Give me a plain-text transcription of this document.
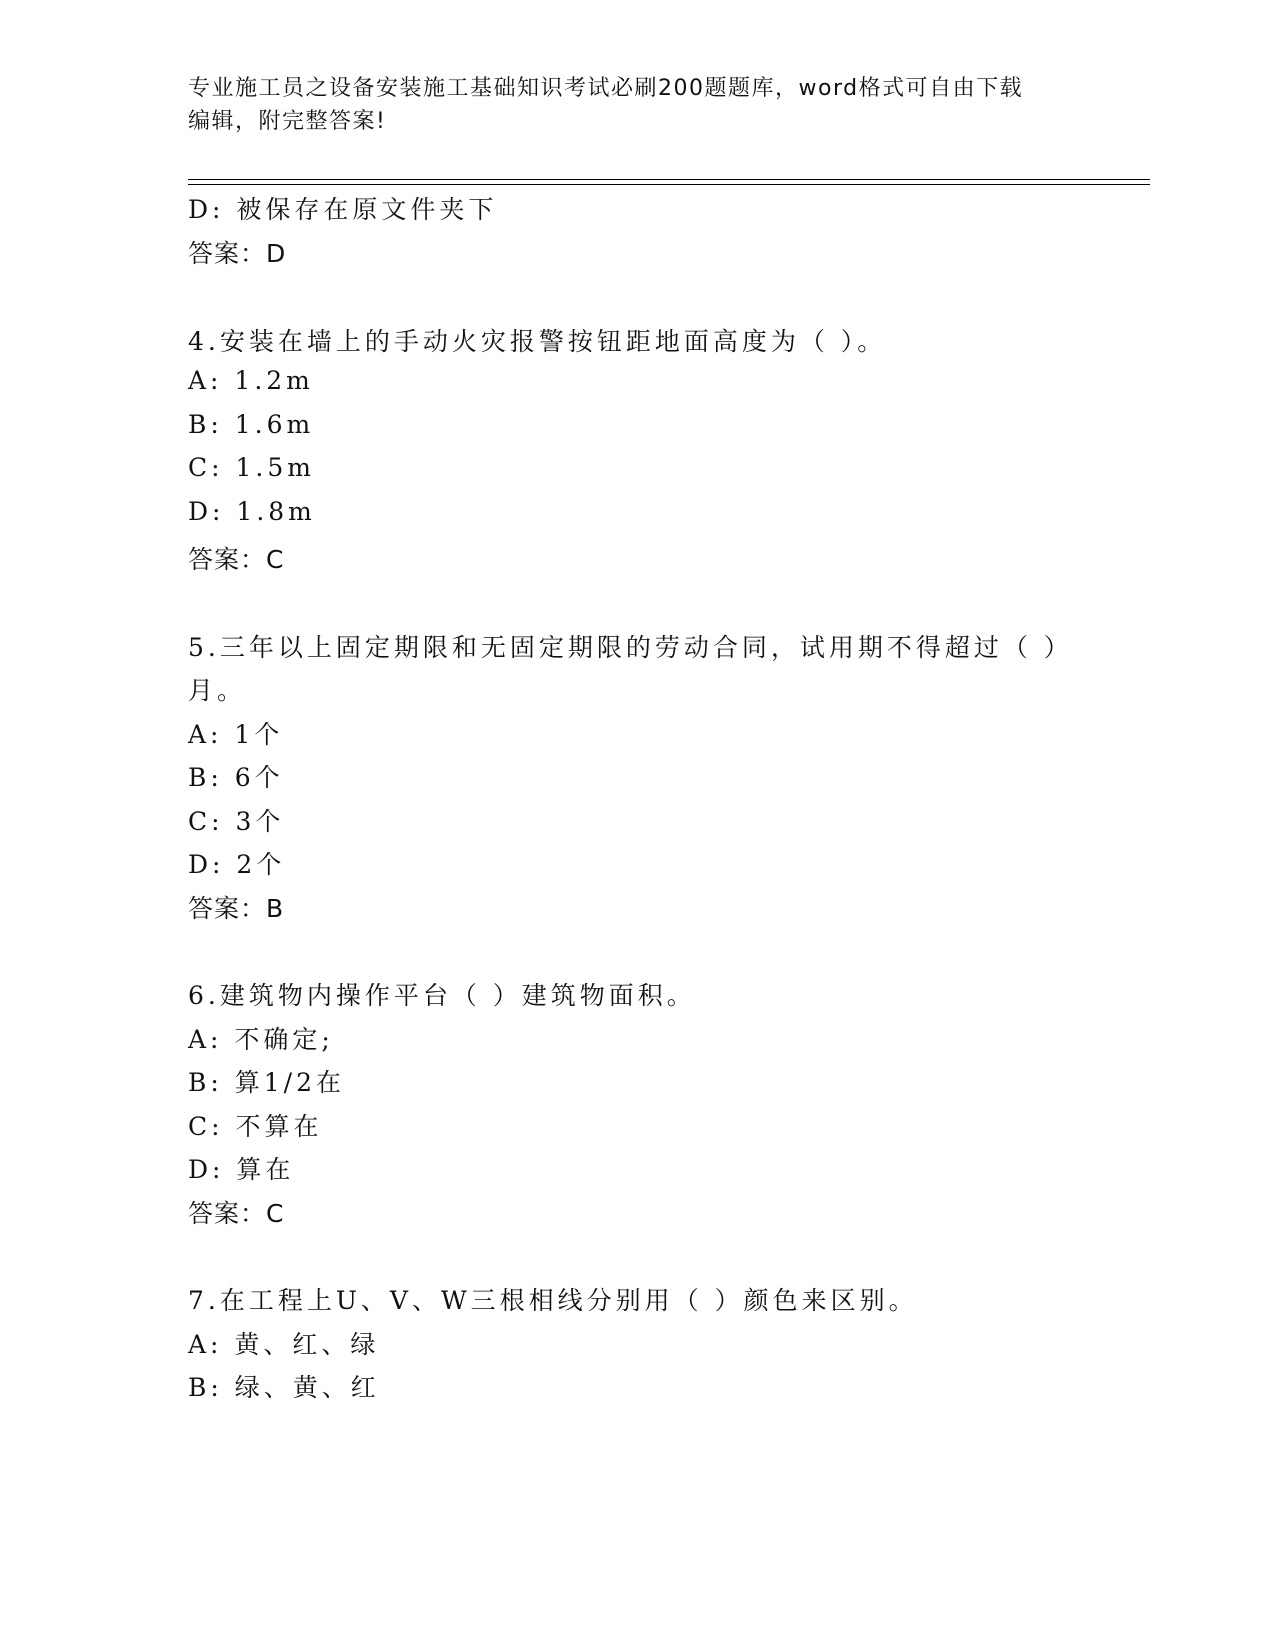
专业施工员之设备安装施工基础知识考试必刷200题题库，word格式可自由下载
编辑，附完整答案!
D: 被保存在原文件夹下
答案：D
4.安装在墙上的手动火灾报警按钮距地面高度为（ ）。
A: 1.2m
B: 1.6m
C: 1.5m
D: 1.8m
答案：C
5.三年以上固定期限和无固定期限的劳动合同，试用期不得超过（ ）
月。
A: 1个
B: 6个
C: 3个
D: 2个
答案：B
6.建筑物内操作平台（ ）建筑物面积。
A: 不确定;
B: 算1/2在
C: 不算在
D: 算在
答案：C
7.在工程上U、V、W三根相线分别用（ ）颜色来区别。
A: 黄、红、绿
B: 绿、黄、红
